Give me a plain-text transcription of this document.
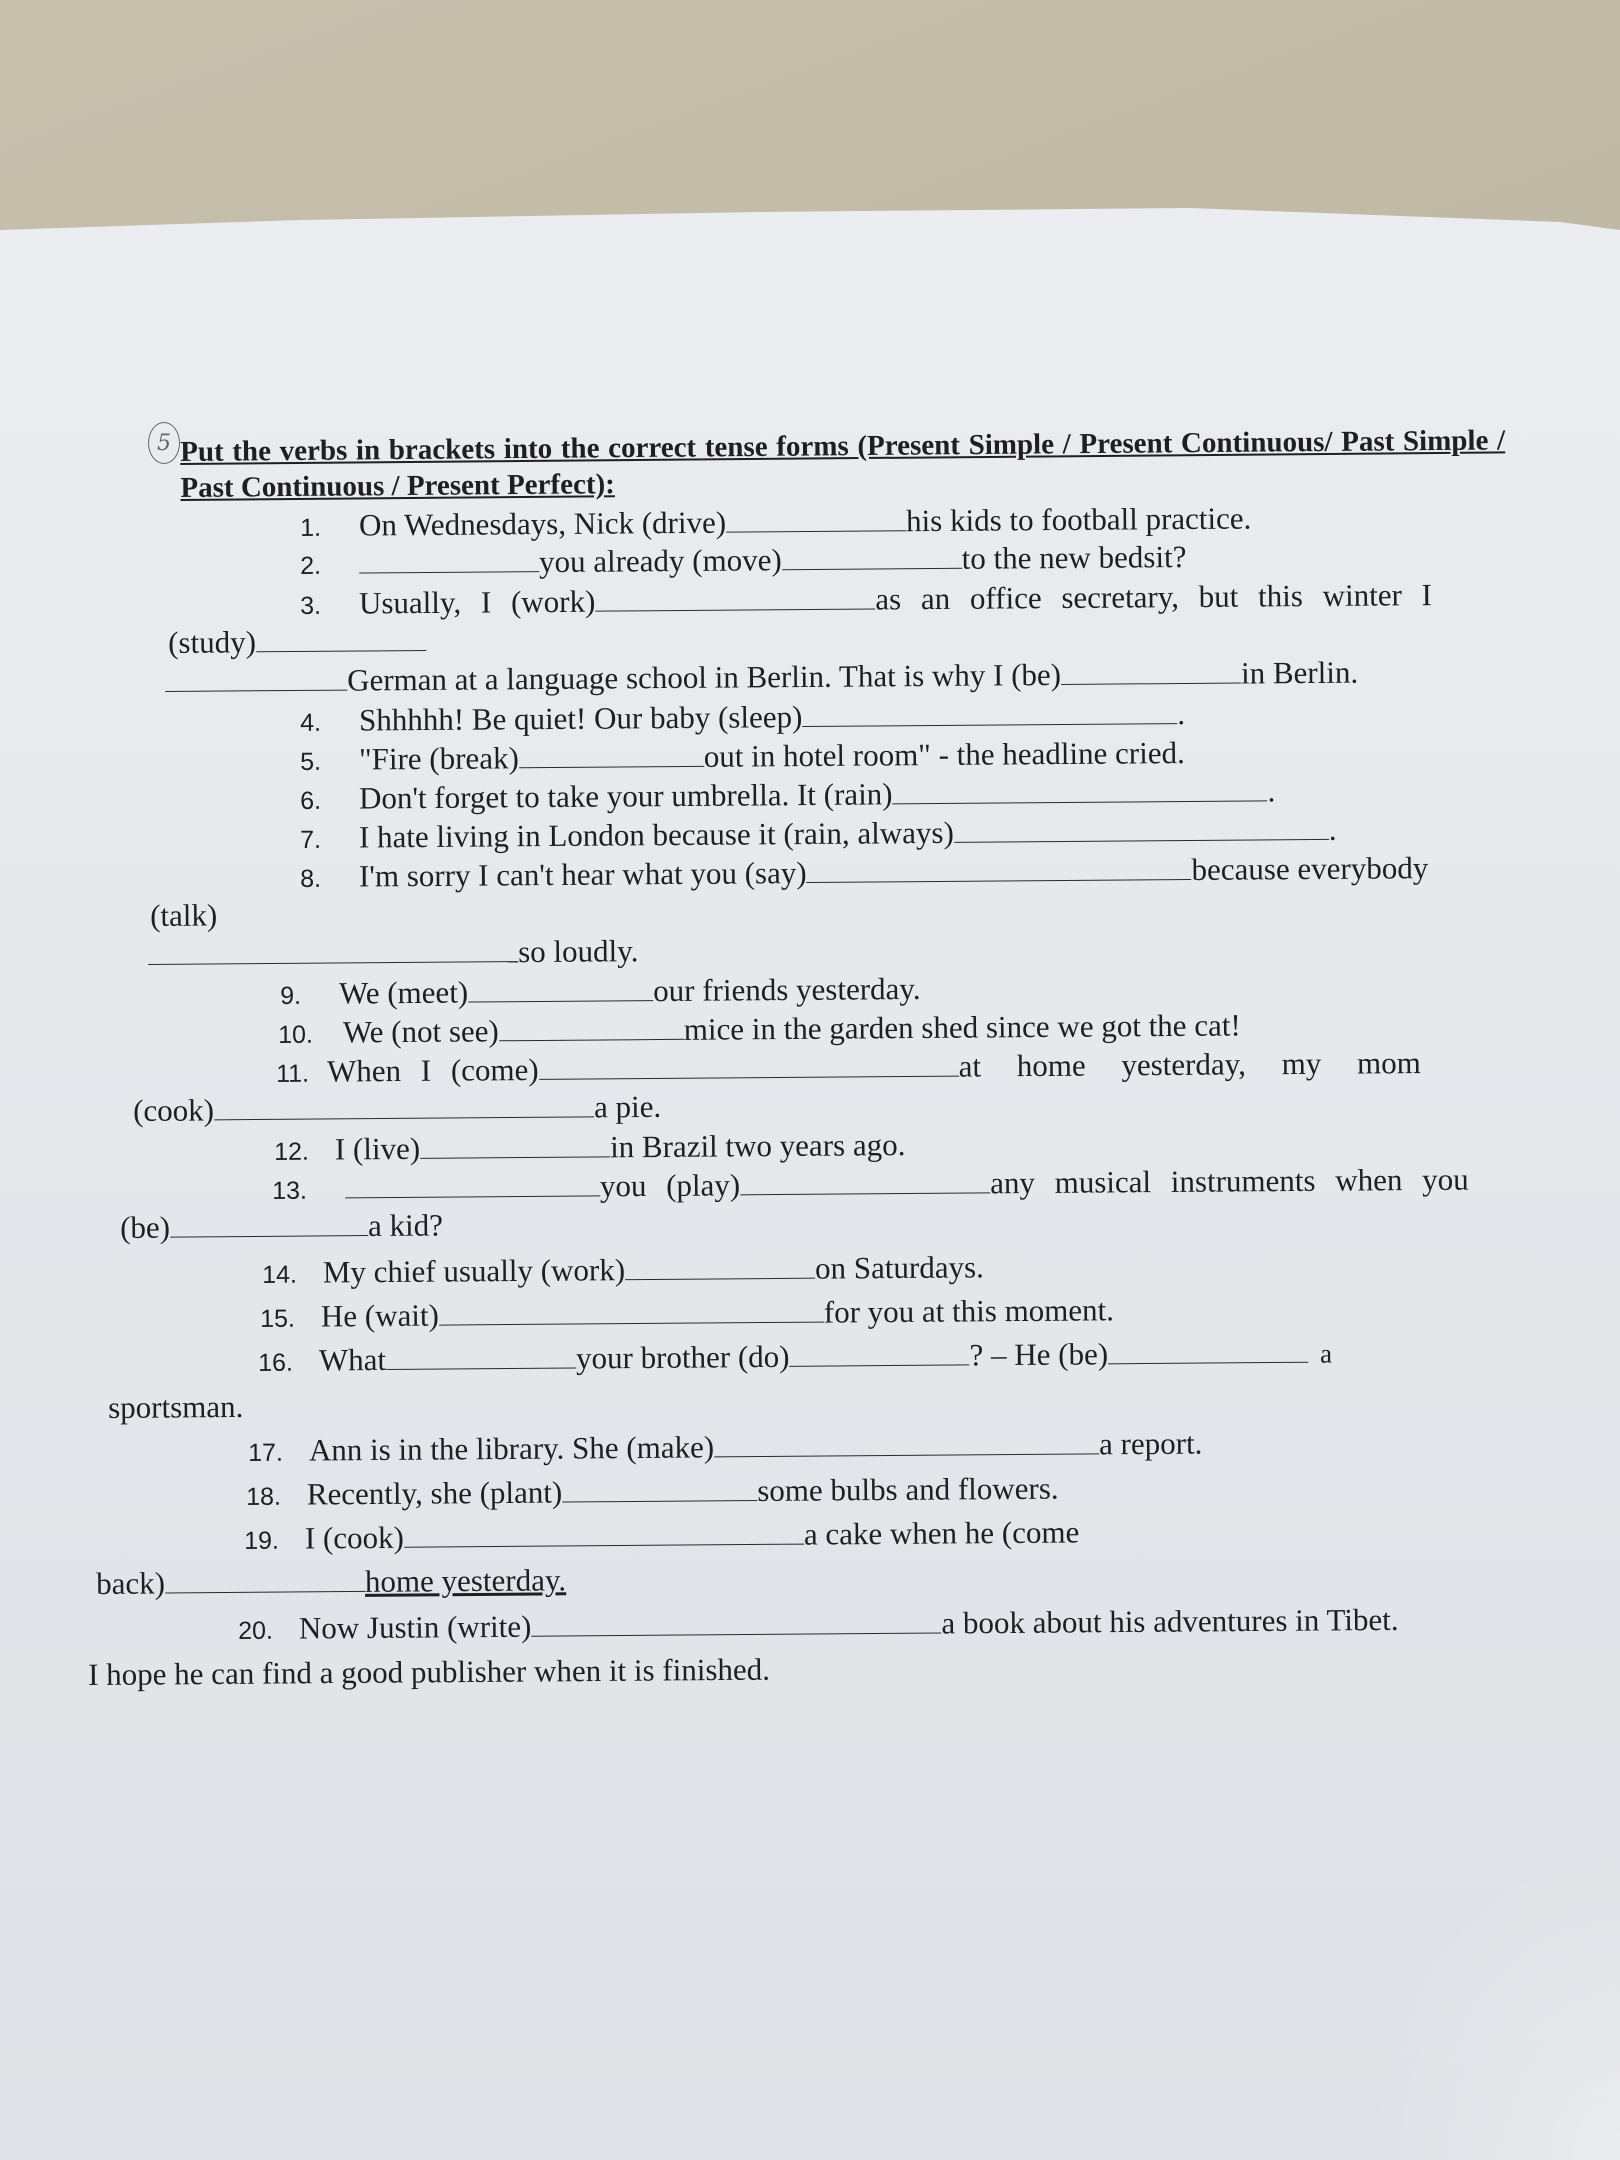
5 Put the verbs in brackets into the correct tense forms (Present Simple / Present Continuous/ Past Simple / Past Continuous / Present Perfect):
1. On Wednesdays, Nick (drive)	his kids to football practice.
2.	you already (move)	to the new bedsit?
3. Usually, I (work)	as an office secretary, but this winter I
(study)
German at a language school in Berlin. That is why I (be)	in Berlin.
4. Shhhhh! Be quiet! Our baby (sleep)	.
5. "Fire (break)	out in hotel room" - the headline cried.
6. Don't forget to take your umbrella. It (rain)	.
7. I hate living in London because it (rain, always)	.
8. I'm sorry I can't hear what you (say)	because everybody
(talk)
so loudly.
9. We (meet)	our friends yesterday.
10. We (not see)	mice in the garden shed since we got the cat!
11. When I (come)	at home yesterday, my mom
(cook)	a pie.
12. I (live)	in Brazil two years ago.
13.	you (play)	any musical instruments when you
(be)	a kid?
14. My chief usually (work)	on Saturdays.
15. He (wait)	for you at this moment.
16. What	your brother (do)	? – He (be)	a
sportsman.
17. Ann is in the library. She (make)	a report.
18. Recently, she (plant)	some bulbs and flowers.
19. I (cook)	a cake when he (come
back)	home yesterday.
20. Now Justin (write)	a book about his adventures in Tibet.
I hope he can find a good publisher when it is finished.
